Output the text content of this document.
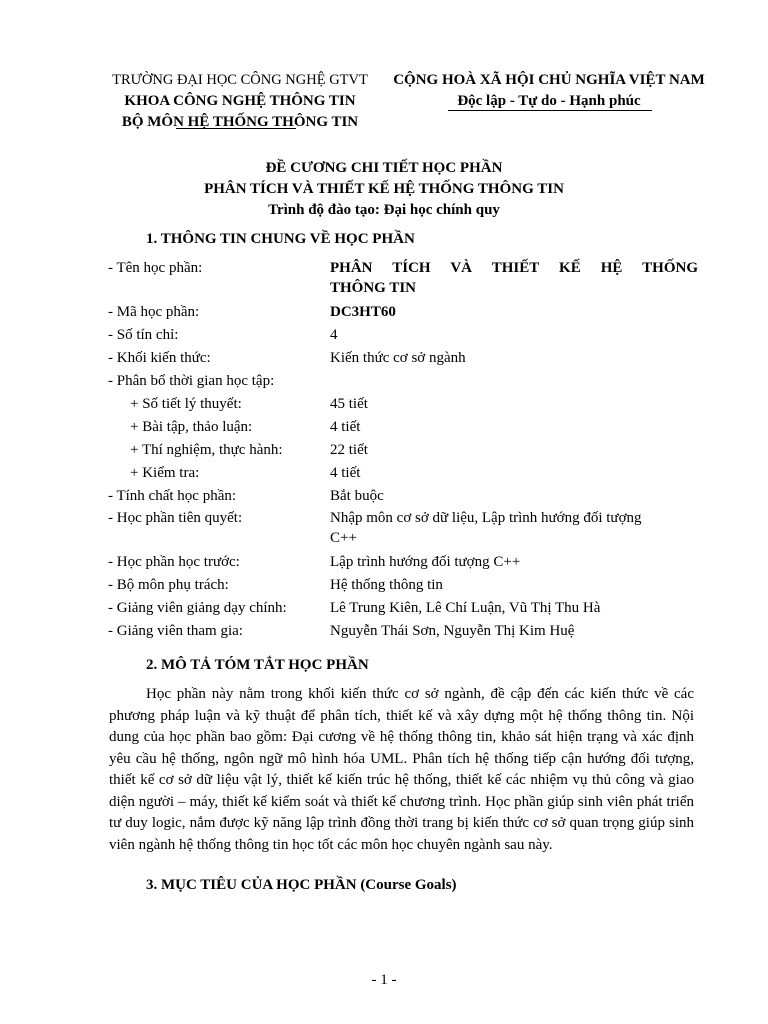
TRƯỜNG ĐẠI HỌC CÔNG NGHỆ GTVT
KHOA CÔNG NGHỆ THÔNG TIN
BỘ MÔN HỆ THỐNG THÔNG TIN
CỘNG HOÀ XÃ HỘI CHỦ NGHĨA VIỆT NAM
Độc lập - Tự do - Hạnh phúc
ĐỀ CƯƠNG CHI TIẾT HỌC PHẦN
PHÂN TÍCH VÀ THIẾT KẾ HỆ THỐNG THÔNG TIN
Trình độ đào tạo: Đại học chính quy
1. THÔNG TIN CHUNG VỀ HỌC PHẦN
- Tên học phần:	PHÂN TÍCH VÀ THIẾT KẾ HỆ THỐNG
THÔNG TIN
- Mã học phần:	DC3HT60
- Số tín chỉ:	4
- Khối kiến thức:	Kiến thức cơ sở ngành
- Phân bổ thời gian học tập:
+ Số tiết lý thuyết:	45 tiết
+ Bài tập, thảo luận:	4 tiết
+ Thí nghiệm, thực hành:	22 tiết
+ Kiểm tra:	4 tiết
- Tính chất học phần:	Bắt buộc
- Học phần tiên quyết:	Nhập môn cơ sở dữ liệu, Lập trình hướng đối tượng
C++
- Học phần học trước:	Lập trình hướng đối tượng C++
- Bộ môn phụ trách:	Hệ thống thông tin
- Giảng viên giảng dạy chính:	Lê Trung Kiên, Lê Chí Luận, Vũ Thị Thu Hà
- Giảng viên tham gia:	Nguyễn Thái Sơn, Nguyễn Thị Kim Huệ
2. MÔ TẢ TÓM TẮT HỌC PHẦN
Học phần này nằm trong khối kiến thức cơ sở ngành, đề cập đến các kiến thức về các phương pháp luận và kỹ thuật để phân tích, thiết kế và xây dựng một hệ thống thông tin. Nội dung của học phần bao gồm: Đại cương về hệ thống thông tin, khảo sát hiện trạng và xác định yêu cầu hệ thống, ngôn ngữ mô hình hóa UML. Phân tích hệ thống tiếp cận hướng đối tượng, thiết kế cơ sở dữ liệu vật lý, thiết kế kiến trúc hệ thống, thiết kế các nhiệm vụ thủ công và giao diện người – máy, thiết kế kiểm soát và thiết kế chương trình. Học phần giúp sinh viên phát triển tư duy logic, nắm được kỹ năng lập trình đồng thời trang bị kiến thức cơ sở quan trọng giúp sinh viên ngành hệ thống thông tin học tốt các môn học chuyên ngành sau này.
3. MỤC TIÊU CỦA HỌC PHẦN (Course Goals)
- 1 -
